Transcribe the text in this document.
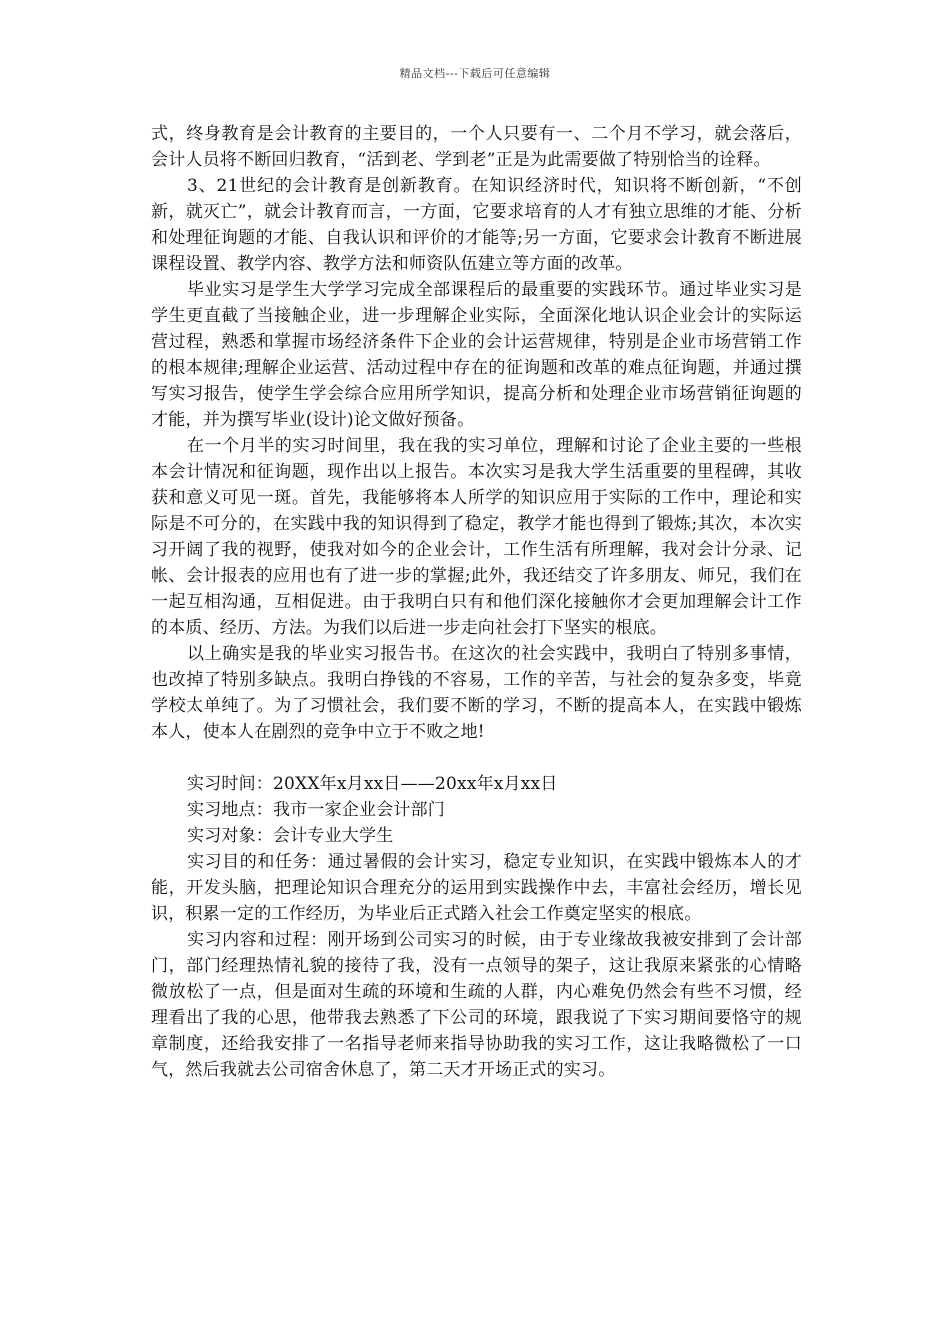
精品文档---下载后可任意编辑

式，终身教育是会计教育的主要目的，一个人只要有一、二个月不学习，就会落后，会计人员将不断回归教育，“活到老、学到老”正是为此需要做了特别恰当的诠释。

3、21世纪的会计教育是创新教育。在知识经济时代，知识将不断创新，“不创新，就灭亡”，就会计教育而言，一方面，它要求培育的人才有独立思维的才能、分析和处理征询题的才能、自我认识和评价的才能等;另一方面，它要求会计教育不断进展课程设置、教学内容、教学方法和师资队伍建立等方面的改革。

毕业实习是学生大学学习完成全部课程后的最重要的实践环节。通过毕业实习是学生更直截了当接触企业，进一步理解企业实际，全面深化地认识企业会计的实际运营过程，熟悉和掌握市场经济条件下企业的会计运营规律，特别是企业市场营销工作的根本规律;理解企业运营、活动过程中存在的征询题和改革的难点征询题，并通过撰写实习报告，使学生学会综合应用所学知识，提高分析和处理企业市场营销征询题的才能，并为撰写毕业(设计)论文做好预备。

在一个月半的实习时间里，我在我的实习单位，理解和讨论了企业主要的一些根本会计情况和征询题，现作出以上报告。本次实习是我大学生活重要的里程碑，其收获和意义可见一斑。首先，我能够将本人所学的知识应用于实际的工作中，理论和实际是不可分的，在实践中我的知识得到了稳定，教学才能也得到了锻炼;其次，本次实习开阔了我的视野，使我对如今的企业会计，工作生活有所理解，我对会计分录、记帐、会计报表的应用也有了进一步的掌握;此外，我还结交了许多朋友、师兄，我们在一起互相沟通，互相促进。由于我明白只有和他们深化接触你才会更加理解会计工作的本质、经历、方法。为我们以后进一步走向社会打下坚实的根底。

以上确实是我的毕业实习报告书。在这次的社会实践中，我明白了特别多事情，也改掉了特别多缺点。我明白挣钱的不容易，工作的辛苦，与社会的复杂多变，毕竟学校太单纯了。为了习惯社会，我们要不断的学习，不断的提高本人，在实践中锻炼本人，使本人在剧烈的竞争中立于不败之地!

实习时间：20XX年x月xx日——20xx年x月xx日

实习地点：我市一家企业会计部门

实习对象：会计专业大学生

实习目的和任务：通过暑假的会计实习，稳定专业知识，在实践中锻炼本人的才能，开发头脑，把理论知识合理充分的运用到实践操作中去，丰富社会经历，增长见识，积累一定的工作经历，为毕业后正式踏入社会工作奠定坚实的根底。

实习内容和过程：刚开场到公司实习的时候，由于专业缘故我被安排到了会计部门，部门经理热情礼貌的接待了我，没有一点领导的架子，这让我原来紧张的心情略微放松了一点，但是面对生疏的环境和生疏的人群，内心难免仍然会有些不习惯，经理看出了我的心思，他带我去熟悉了下公司的环境，跟我说了下实习期间要恪守的规章制度，还给我安排了一名指导老师来指导协助我的实习工作，这让我略微松了一口气，然后我就去公司宿舍休息了，第二天才开场正式的实习。
